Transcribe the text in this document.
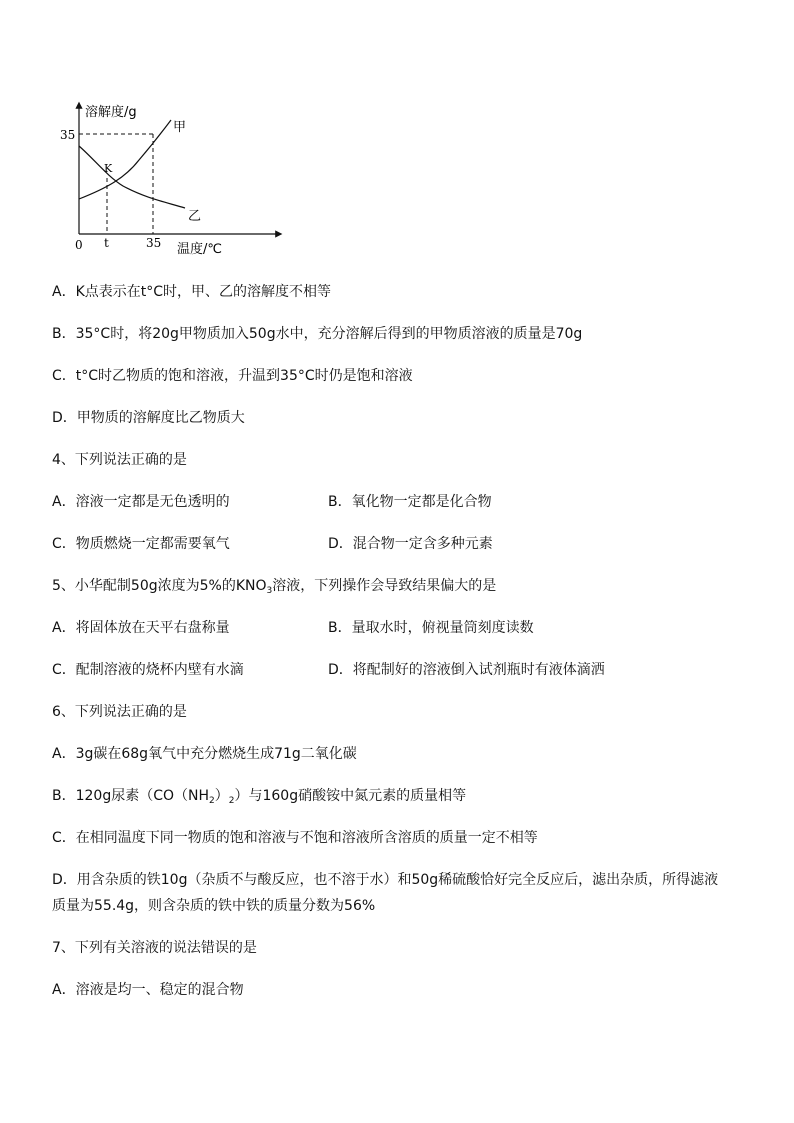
溶解度/g
温度/℃
35
0 t	35
甲
乙
K
A．K点表示在t°C时，甲、乙的溶解度不相等
B．35°C时，将20g甲物质加入50g水中，充分溶解后得到的甲物质溶液的质量是70g
C．t°C时乙物质的饱和溶液，升温到35°C时仍是饱和溶液
D．甲物质的溶解度比乙物质大
4、下列说法正确的是
A．溶液一定都是无色透明的	B．氧化物一定都是化合物
C．物质燃烧一定都需要氧气	D．混合物一定含多种元素
5、小华配制50g浓度为5%的$KNO_3$溶液，下列操作会导致结果偏大的是
A．将固体放在天平右盘称量	B．量取水时，俯视量筒刻度读数
C．配制溶液的烧杯内壁有水滴	D．将配制好的溶液倒入试剂瓶时有液体滴洒
6、下列说法正确的是
A．3g碳在68g氧气中充分燃烧生成71g二氧化碳
B．120g尿素$(CO(NH_2)_2)$与160g硝酸铵中氮元素的质量相等
C．在相同温度下同一物质的饱和溶液与不饱和溶液所含溶质的质量一定不相等
D．用含杂质的铁10g（杂质不与酸反应，也不溶于水）和50g稀硫酸恰好完全反应后，滤出杂质，所得滤液
质量为55.4g，则含杂质的铁中铁的质量分数为56%
7、下列有关溶液的说法错误的是
A．溶液是均一、稳定的混合物
